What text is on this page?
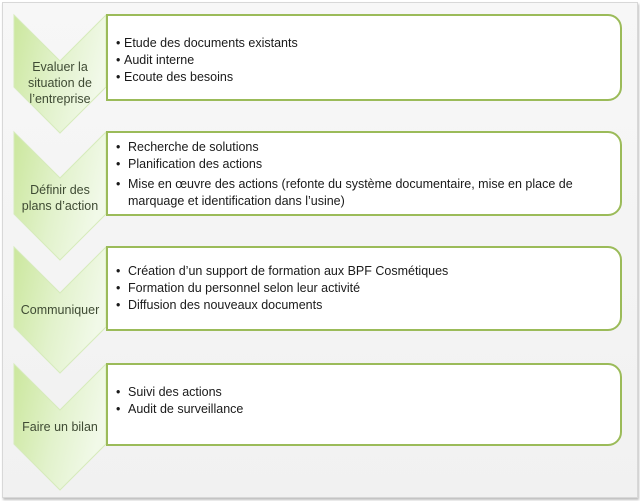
Evaluer la
situation de
l’entreprise
• Etude des documents existants
• Audit interne
• Ecoute des besoins
Définir des
plans d’action
• Recherche de solutions
• Planification des actions
• Mise en œuvre des actions (refonte du système documentaire, mise en place de marquage et identification dans l’usine)
Communiquer
• Création d’un support de formation aux BPF Cosmétiques
• Formation du personnel selon leur activité
• Diffusion des nouveaux documents
Faire un bilan
• Suivi des actions
• Audit de surveillance
